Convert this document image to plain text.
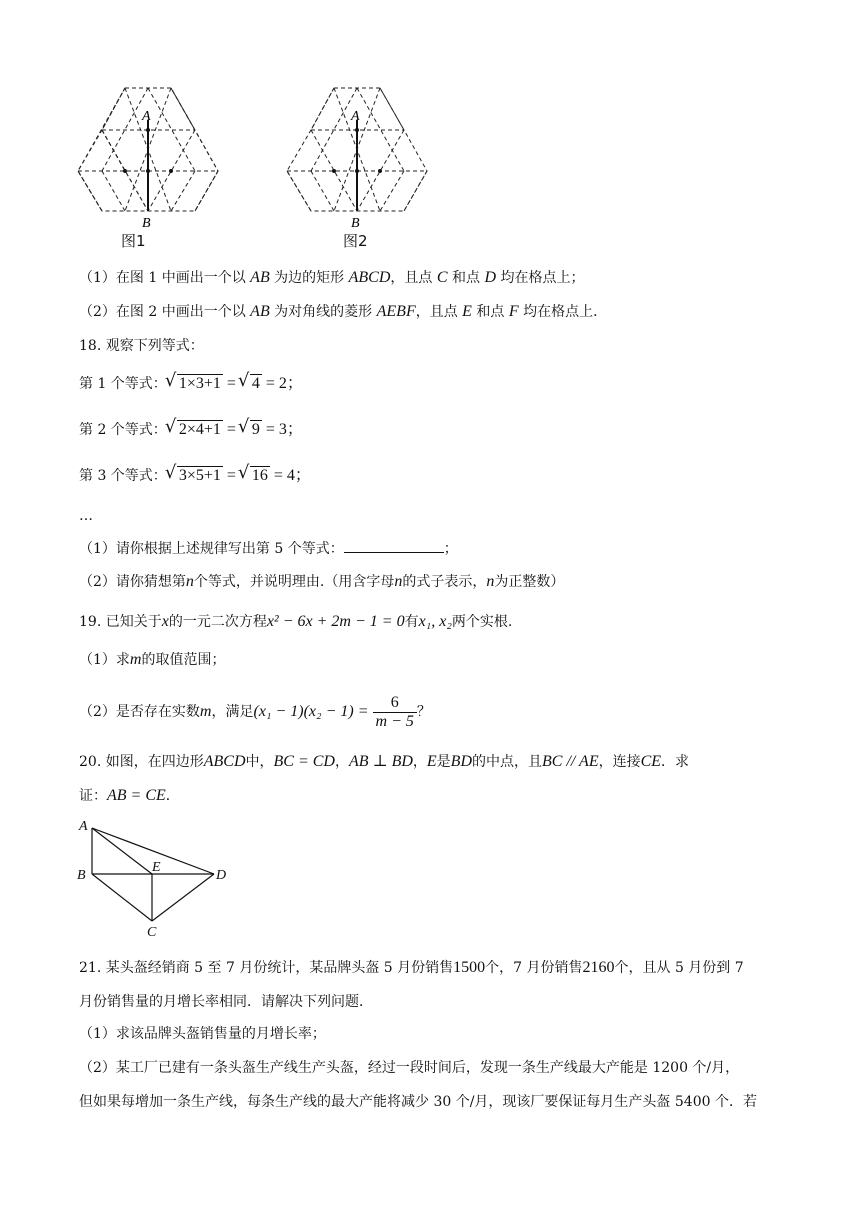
A
B
图1
A
B
图2
（1）在图 1 中画出一个以 AB 为边的矩形 ABCD，且点 C 和点 D 均在格点上；
（2）在图 2 中画出一个以 AB 为对角线的菱形 AEBF，且点 E 和点 F 均在格点上．
18. 观察下列等式：
第 1 个等式： √ 1×3+1 = √ 4 = 2；
第 2 个等式： √ 2×4+1 = √ 9 = 3；
第 3 个等式： √ 3×5+1 = √ 16 = 4；
…
（1）请你根据上述规律写出第 5 个等式：	；
（2）请你猜想第n个等式，并说明理由.（用含字母n的式子表示，n为正整数）
19. 已知关于x的一元二次方程x² − 6x + 2m − 1 = 0有x₁, x₂两个实根.
（1）求m的取值范围；
（2）是否存在实数m，满足$(x_1 - 1)(x_2 - 1) = \frac{6}{m - 5}$ ？
20. 如图，在四边形ABCD中，BC = CD，AB ⊥ BD，E是BD的中点，且BC // AE，连接CE．求
证：AB = CE．
A
B
E
D
C
21. 某头盔经销商 5 至 7 月份统计，某品牌头盔 5 月份销售1500个，7 月份销售2160个，且从 5 月份到 7
月份销售量的月增长率相同．请解决下列问题．
（1）求该品牌头盔销售量的月增长率；
（2）某工厂已建有一条头盔生产线生产头盔，经过一段时间后，发现一条生产线最大产能是 1200 个/月，
但如果每增加一条生产线，每条生产线的最大产能将减少 30 个/月，现该厂要保证每月生产头盔 5400 个．若
